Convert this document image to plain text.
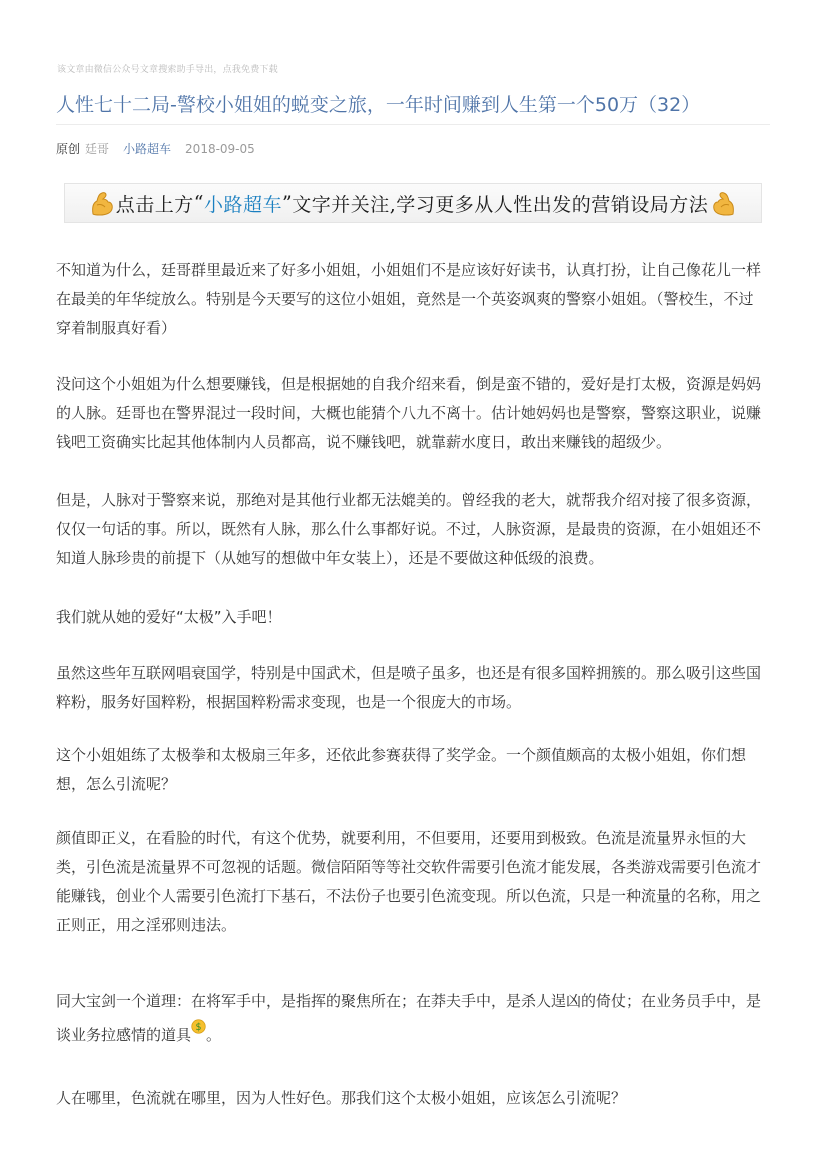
该文章由微信公众号文章搜索助手导出，点我免费下载
人性七十二局-警校小姐姐的蜕变之旅，一年时间赚到人生第一个50万（32）
原创 廷哥 小路超车 2018-09-05
点击上方 “ 小路超车 ” 文字并关注,学习更多从人性出发的营销设局方法

不知道为什么，廷哥群里最近来了好多小姐姐，小姐姐们不是应该好好读书，认真打扮，让自己像花儿一样在最美的年华绽放么。特别是今天要写的这位小姐姐，竟然是一个英姿飒爽的警察小姐姐。（警校生，不过穿着制服真好看）

没问这个小姐姐为什么想要赚钱，但是根据她的自我介绍来看，倒是蛮不错的，爱好是打太极，资源是妈妈的人脉。廷哥也在警界混过一段时间，大概也能猜个八九不离十。估计她妈妈也是警察，警察这职业，说赚钱吧工资确实比起其他体制内人员都高，说不赚钱吧，就靠薪水度日，敢出来赚钱的超级少。

但是，人脉对于警察来说，那绝对是其他行业都无法媲美的。曾经我的老大，就帮我介绍对接了很多资源，仅仅一句话的事。所以，既然有人脉，那么什么事都好说。不过，人脉资源，是最贵的资源，在小姐姐还不知道人脉珍贵的前提下（从她写的想做中年女装上），还是不要做这种低级的浪费。

我们就从她的爱好“太极”入手吧！

虽然这些年互联网唱衰国学，特别是中国武术，但是喷子虽多，也还是有很多国粹拥簇的。那么吸引这些国粹粉，服务好国粹粉，根据国粹粉需求变现，也是一个很庞大的市场。

这个小姐姐练了太极拳和太极扇三年多，还依此参赛获得了奖学金。一个颜值颇高的太极小姐姐，你们想想，怎么引流呢？

颜值即正义，在看脸的时代，有这个优势，就要利用，不但要用，还要用到极致。色流是流量界永恒的大类，引色流是流量界不可忽视的话题。微信陌陌等等社交软件需要引色流才能发展，各类游戏需要引色流才能赚钱，创业个人需要引色流打下基石，不法份子也要引色流变现。所以色流，只是一种流量的名称，用之正则正，用之淫邪则违法。

同大宝剑一个道理：在将军手中，是指挥的聚焦所在；在莽夫手中，是杀人逞凶的倚仗；在业务员手中，是谈业务拉感情的道具 $ 。

人在哪里，色流就在哪里，因为人性好色。那我们这个太极小姐姐，应该怎么引流呢？
